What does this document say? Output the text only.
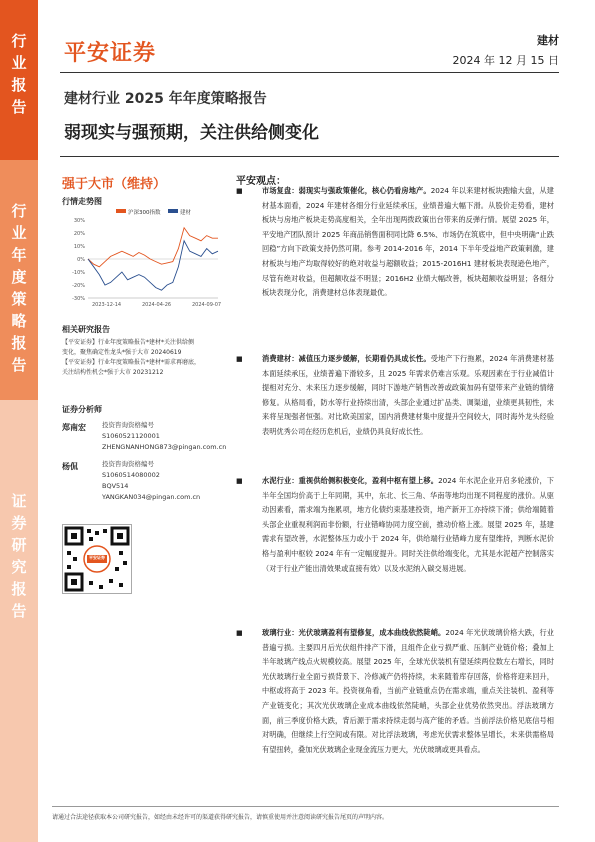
行
业
报
告
行
业
年
度
策
略
报
告
证
券
研
究
报
告
平安证券
建材
2024 年 12 月 15 日
建材行业 2025 年年度策略报告
弱现实与强预期，关注供给侧变化
强于大市（维持）
行情走势图
沪深300指数	建材
30%
20%
10%
0%
-10%
-20%
-30%
2023-12-14	2024-04-26	2024-09-07
相关研究报告
【平安证券】行业年度策略报告*建材*关注供给侧
变化，聚焦确定性龙头*强于大市 20240619
【平安证券】行业年度策略报告*建材*需求再磨底，
关注结构性机会*强于大市 20231212
证券分析师
郑南宏 投资咨询资格编号
S1060521120001
ZHENGNANHONG873@pingan.com.cn
杨侃	投资咨询资格编号
S1060514080002
BQV514
YANGKAN034@pingan.com.cn
平安证券
平安观点：
■	市场复盘：弱现实与强政策催化，核心仍看房地产。2024 年以来建材板块跑输大盘，从建材基本面看，2024 年建材各细分行业延续承压，业绩普遍大幅下滑。从股价走势看，建材板块与房地产板块走势高度相关，全年出现两拨政策出台带来的反弹行情。展望 2025 年，平安地产团队预计 2025 年商品销售面积同比降 6.5%、市场仍在筑底中，但中央明确“止跌回稳”方向下政策支持仍然可期。参考 2014-2016 年，2014 下半年受益地产政策刺激，建材板块与地产均取得较好的绝对收益与超额收益；2015-2016H1 建材板块表现逊色地产，尽管有绝对收益，但超额收益不明显；2016H2 业绩大幅改善，板块超额收益明显；各细分板块表现分化，消费建材总体表现最优。
■	消费建材：减值压力逐步缓解，长期看仍具成长性。受地产下行拖累，2024 年消费建材基本面延续承压，业绩普遍下滑较多，且 2025 年需求仍难言乐观。乐观因素在于行业减值计提相对充分、未来压力逐步缓解，同时下游地产销售改善或政策加码有望带来产业链的情绪修复。从格局看，防水等行业持续出清，头部企业通过扩品类、调渠道，业绩更具韧性，未来将呈现强者恒强。对比欧美国家，国内消费建材集中度提升空间较大，同时海外龙头经验表明优秀公司在经历危机后，业绩仍具良好成长性。
■	水泥行业：重视供给侧积极变化，盈利中枢有望上移。2024 年水泥企业开启多轮涨价，下半年全国均价高于上年同期，其中，东北、长三角、华南等地均出现不同程度的涨价。从驱动因素看，需求端为拖累项，地方化债约束基建投资，地产新开工亦持续下滑；供给端随着头部企业重视利润而非份额，行业错峰协同力度空前，推动价格上涨。展望 2025 年，基建需求有望改善，水泥整体压力或小于 2024 年，供给端行业错峰力度有望维持，判断水泥价格与盈利中枢较 2024 年有一定幅度提升。同时关注供给端变化，尤其是水泥超产控制落实（对于行业产能出清效果或直接有效）以及水泥纳入碳交易进展。
■	玻璃行业：光伏玻璃盈利有望修复，成本曲线依然陡峭。2024 年光伏玻璃价格大跌，行业普遍亏损。主要四月后光伏组件排产下滑，且组件企业亏损严重、压制产业链价格；叠加上半年玻璃产线点火规模较高。展望 2025 年，全球光伏装机有望延续两位数左右增长，同时光伏玻璃行业全面亏损背景下、冷修减产仍将持续，未来随着库存回落，价格将迎来回升，中枢或将高于 2023 年。投资视角看，当前产业链重点仍在需求端，重点关注装机、盈利等产业链变化；其次光伏玻璃企业成本曲线依然陡峭，头部企业优势依然突出。浮法玻璃方面，前三季度价格大跌，背后源于需求持续走弱与高产能的矛盾。当前浮法价格见底信号相对明确，但继续上行空间或有限。对比浮法玻璃，考虑光伏需求整体呈增长，未来供需格局有望扭转，叠加光伏玻璃企业现金流压力更大，光伏玻璃或更具看点。
请通过合法途径获取本公司研究报告，如经由未经许可的渠道获得研究报告，请慎重使用并注意阅读研究报告尾页的声明内容。
